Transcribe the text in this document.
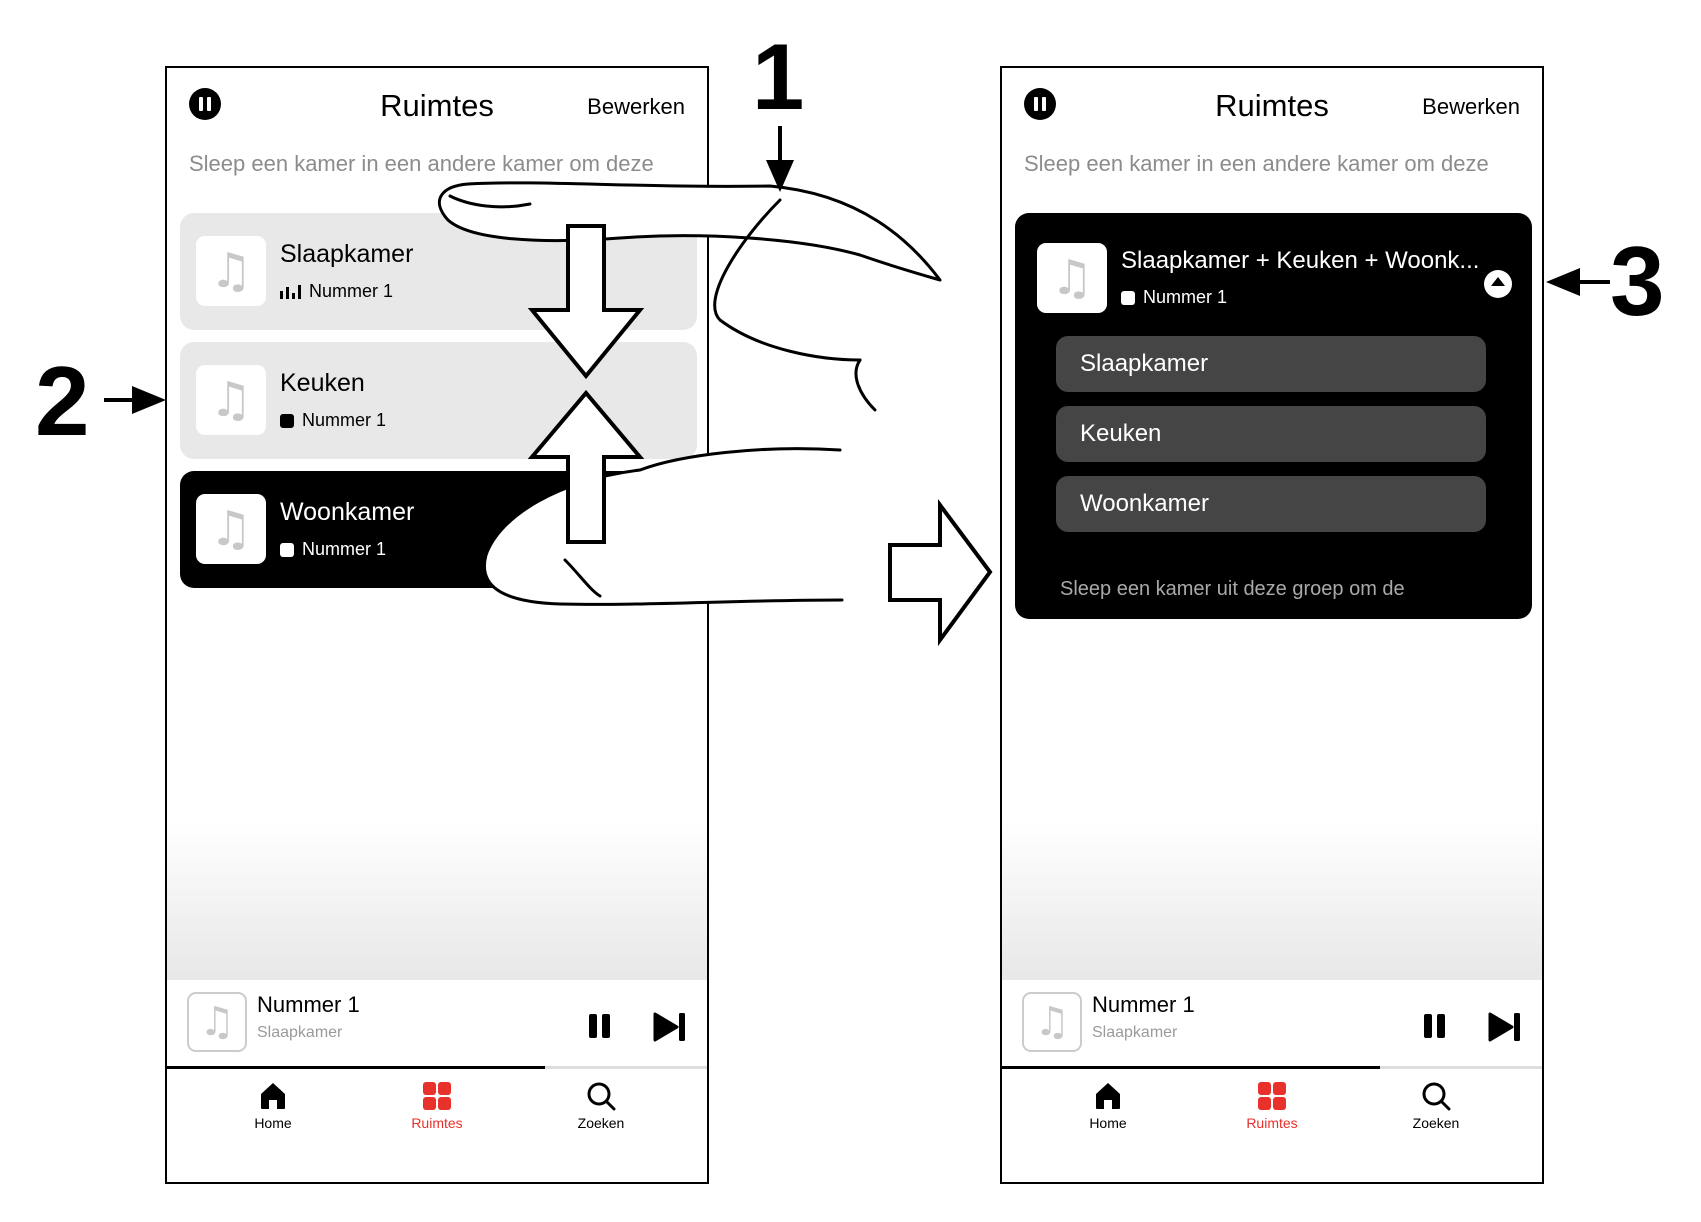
Ruimtes	Bewerken
Sleep een kamer in een andere kamer om deze
♫ Slaapkamer
Nummer 1
♫ Keuken
Nummer 1
♫ Woonkamer
Nummer 1
♫ Nummer 1
Slaapkamer
Home	Ruimtes	Zoeken
Ruimtes	Bewerken
Sleep een kamer in een andere kamer om deze
♫ Slaapkamer + Keuken + Woonk...
Nummer 1
Slaapkamer
Keuken
Woonkamer
Sleep een kamer uit deze groep om de
♫ Nummer 1
Slaapkamer
Home	Ruimtes	Zoeken
1
2
3
